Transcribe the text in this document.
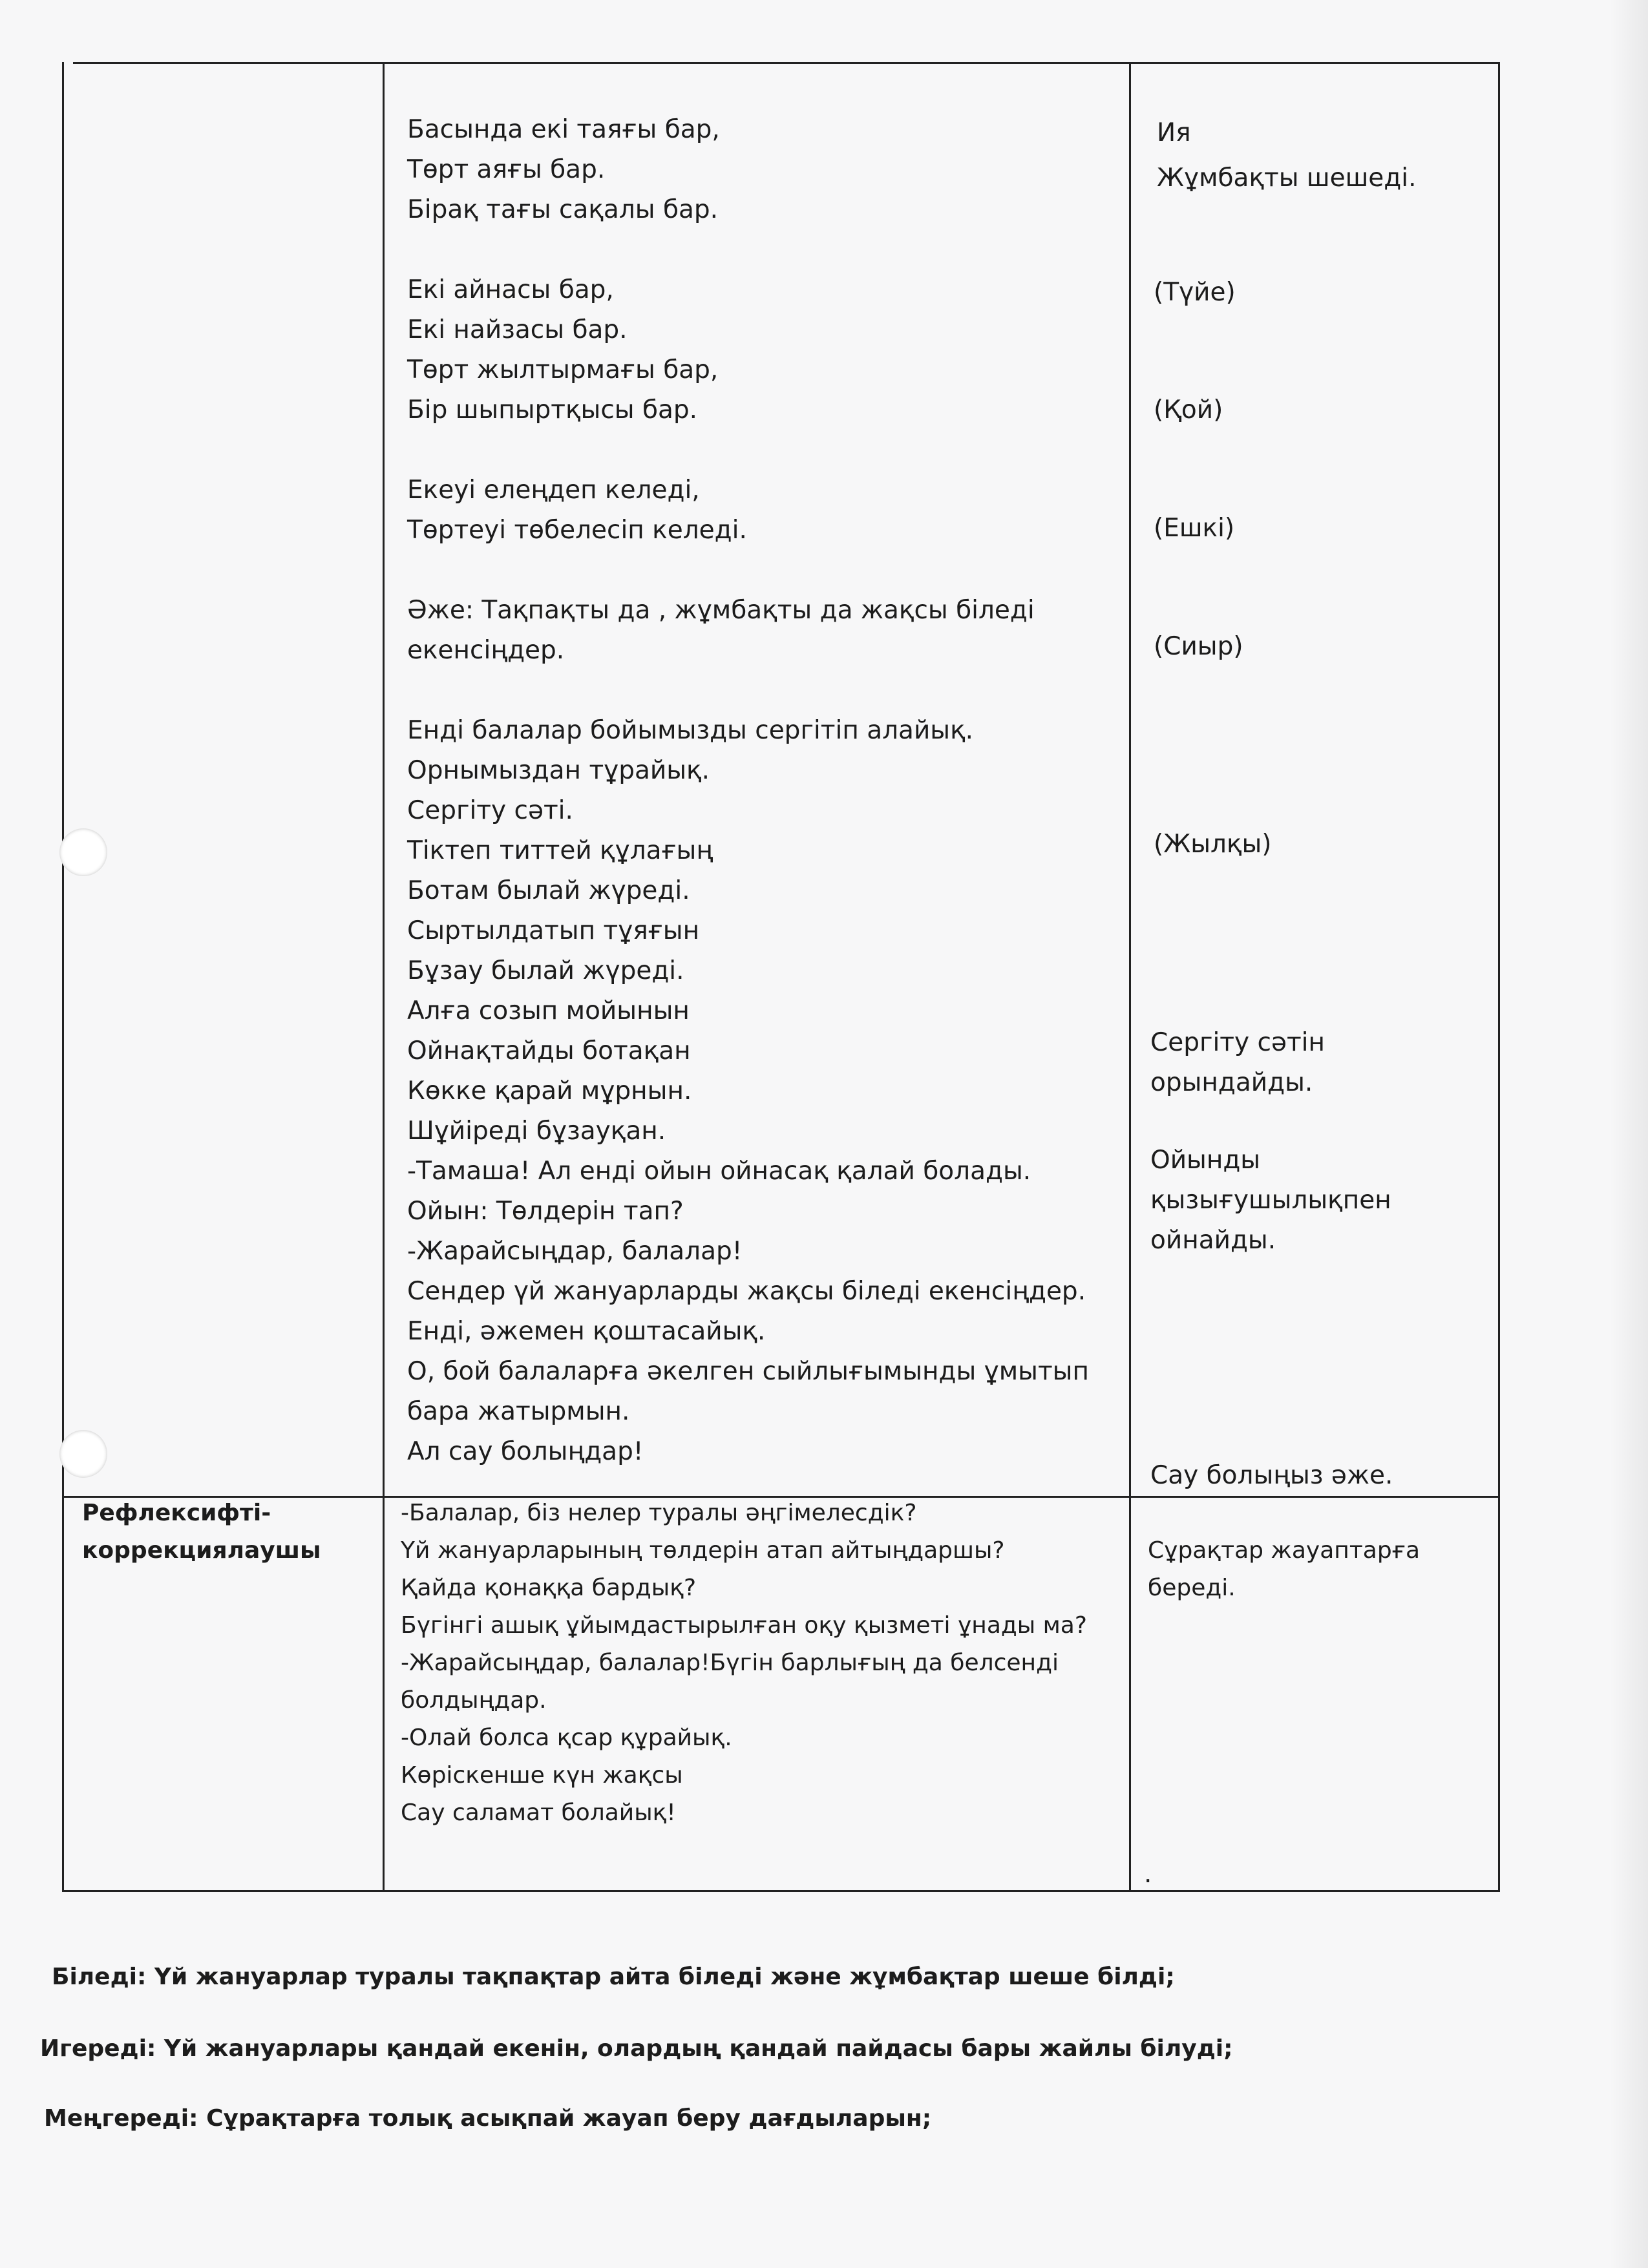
Басында екі таяғы бар,
Төрт аяғы бар.
Бірақ тағы сақалы бар.
Екі айнасы бар,
Екі найзасы бар.
Төрт жылтырмағы бар,
Бір шыпыртқысы бар.
Екеуі елеңдеп келеді,
Төртеуі төбелесіп келеді.
Әже: Тақпақты да , жұмбақты да жақсы біледі
екенсіңдер.
Енді балалар бойымызды сергітіп алайық.
Орнымыздан тұрайық.
Сергіту сәті.
Тіктеп титтей құлағың
Ботам былай жүреді.
Сыртылдатып тұяғын
Бұзау былай жүреді.
Алға созып мойынын
Ойнақтайды ботақан
Көкке қарай мұрнын.
Шұйіреді бұзауқан.
-Тамаша! Ал енді ойын ойнасақ қалай болады.
Ойын: Төлдерін тап?
-Жарайсыңдар, балалар!
Сендер үй жануарларды жақсы біледі екенсіңдер.
Енді, әжемен қоштасайық.
О, бой балаларға әкелген сыйлығымынды ұмытып
бара жатырмын.
Ал сау болыңдар!
Ия
Жұмбақты шешеді.
(Түйе)
(Қой)
(Ешкі)
(Сиыр)
(Жылқы)
Сергіту сәтін
орындайды.
Ойынды
қызығушылықпен
ойнайды.
Сау болыңыз әже.
Рефлексифті-
коррекциялаушы
-Балалар, біз нелер туралы әңгімелесдік?
Үй жануарларының төлдерін атап айтыңдаршы?
Қайда қонаққа бардық?
Бүгінгі ашық ұйымдастырылған оқу қызметі ұнады ма?
-Жарайсыңдар, балалар!Бүгін барлығың да белсенді
болдыңдар.
-Олай болса қсар құрайық.
Көріскенше күн жақсы
Сау саламат болайық!
Сұрақтар жауаптарға
береді.
.
Біледі: Үй жануарлар туралы тақпақтар айта біледі және жұмбақтар шеше білді;
Игереді: Үй жануарлары қандай екенін, олардың қандай пайдасы бары жайлы білуді;
Меңгереді: Сұрақтарға толық асықпай жауап беру дағдыларын;
